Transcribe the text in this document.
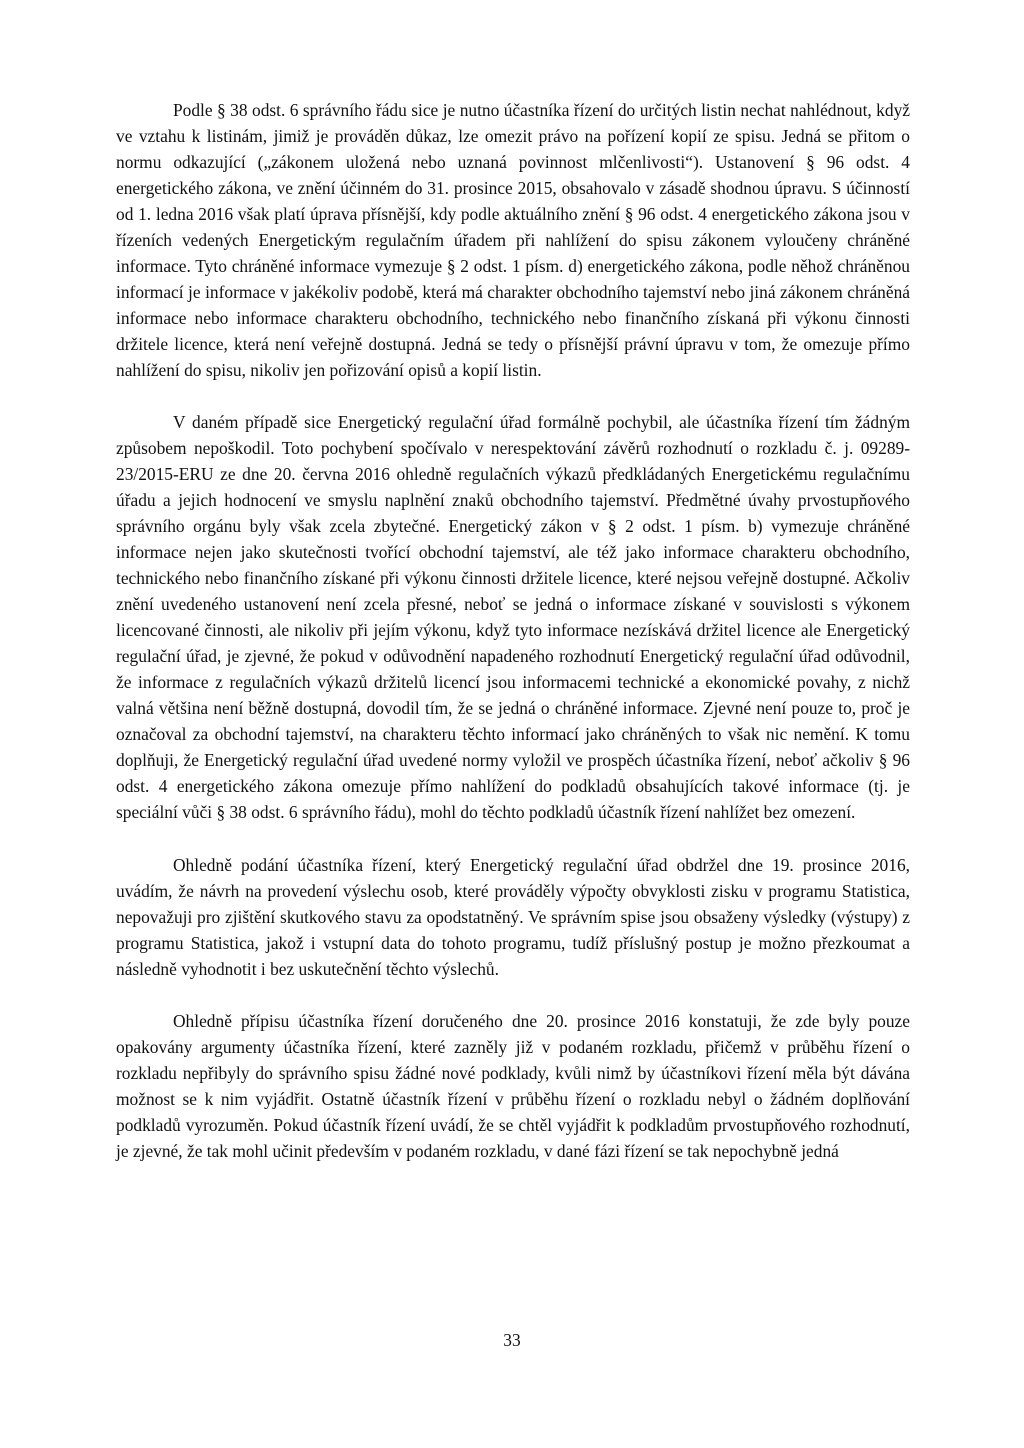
Podle § 38 odst. 6 správního řádu sice je nutno účastníka řízení do určitých listin nechat nahlédnout, když ve vztahu k listinám, jimiž je prováděn důkaz, lze omezit právo na pořízení kopií ze spisu. Jedná se přitom o normu odkazující („zákonem uložená nebo uznaná povinnost mlčenlivosti“). Ustanovení § 96 odst. 4 energetického zákona, ve znění účinném do 31. prosince 2015, obsahovalo v zásadě shodnou úpravu. S účinností od 1. ledna 2016 však platí úprava přísnější, kdy podle aktuálního znění § 96 odst. 4 energetického zákona jsou v řízeních vedených Energetickým regulačním úřadem při nahlížení do spisu zákonem vyloučeny chráněné informace. Tyto chráněné informace vymezuje § 2 odst. 1 písm. d) energetického zákona, podle něhož chráněnou informací je informace v jakékoliv podobě, která má charakter obchodního tajemství nebo jiná zákonem chráněná informace nebo informace charakteru obchodního, technického nebo finančního získaná při výkonu činnosti držitele licence, která není veřejně dostupná. Jedná se tedy o přísnější právní úpravu v tom, že omezuje přímo nahlížení do spisu, nikoliv jen pořizování opisů a kopií listin.

V daném případě sice Energetický regulační úřad formálně pochybil, ale účastníka řízení tím žádným způsobem nepoškodil. Toto pochybení spočívalo v nerespektování závěrů rozhodnutí o rozkladu č. j. 09289-23/2015-ERU ze dne 20. června 2016 ohledně regulačních výkazů předkládaných Energetickému regulačnímu úřadu a jejich hodnocení ve smyslu naplnění znaků obchodního tajemství. Předmětné úvahy prvostupňového správního orgánu byly však zcela zbytečné. Energetický zákon v § 2 odst. 1 písm. b) vymezuje chráněné informace nejen jako skutečnosti tvořící obchodní tajemství, ale též jako informace charakteru obchodního, technického nebo finančního získané při výkonu činnosti držitele licence, které nejsou veřejně dostupné. Ačkoliv znění uvedeného ustanovení není zcela přesné, neboť se jedná o informace získané v souvislosti s výkonem licencované činnosti, ale nikoliv při jejím výkonu, když tyto informace nezískává držitel licence ale Energetický regulační úřad, je zjevné, že pokud v odůvodnění napadeného rozhodnutí Energetický regulační úřad odůvodnil, že informace z regulačních výkazů držitelů licencí jsou informacemi technické a ekonomické povahy, z nichž valná většina není běžně dostupná, dovodil tím, že se jedná o chráněné informace. Zjevné není pouze to, proč je označoval za obchodní tajemství, na charakteru těchto informací jako chráněných to však nic nemění. K tomu doplňuji, že Energetický regulační úřad uvedené normy vyložil ve prospěch účastníka řízení, neboť ačkoliv § 96 odst. 4 energetického zákona omezuje přímo nahlížení do podkladů obsahujících takové informace (tj. je speciální vůči § 38 odst. 6 správního řádu), mohl do těchto podkladů účastník řízení nahlížet bez omezení.

Ohledně podání účastníka řízení, který Energetický regulační úřad obdržel dne 19. prosince 2016, uvádím, že návrh na provedení výslechu osob, které prováděly výpočty obvyklosti zisku v programu Statistica, nepovažuji pro zjištění skutkového stavu za opodstatněný. Ve správním spise jsou obsaženy výsledky (výstupy) z programu Statistica, jakož i vstupní data do tohoto programu, tudíž příslušný postup je možno přezkoumat a následně vyhodnotit i bez uskutečnění těchto výslechů.

Ohledně přípisu účastníka řízení doručeného dne 20. prosince 2016 konstatuji, že zde byly pouze opakovány argumenty účastníka řízení, které zazněly již v podaném rozkladu, přičemž v průběhu řízení o rozkladu nepřibyly do správního spisu žádné nové podklady, kvůli nimž by účastníkovi řízení měla být dávána možnost se k nim vyjádřit. Ostatně účastník řízení v průběhu řízení o rozkladu nebyl o žádném doplňování podkladů vyrozuměn. Pokud účastník řízení uvádí, že se chtěl vyjádřit k podkladům prvostupňového rozhodnutí, je zjevné, že tak mohl učinit především v podaném rozkladu, v dané fázi řízení se tak nepochybně jedná

33
